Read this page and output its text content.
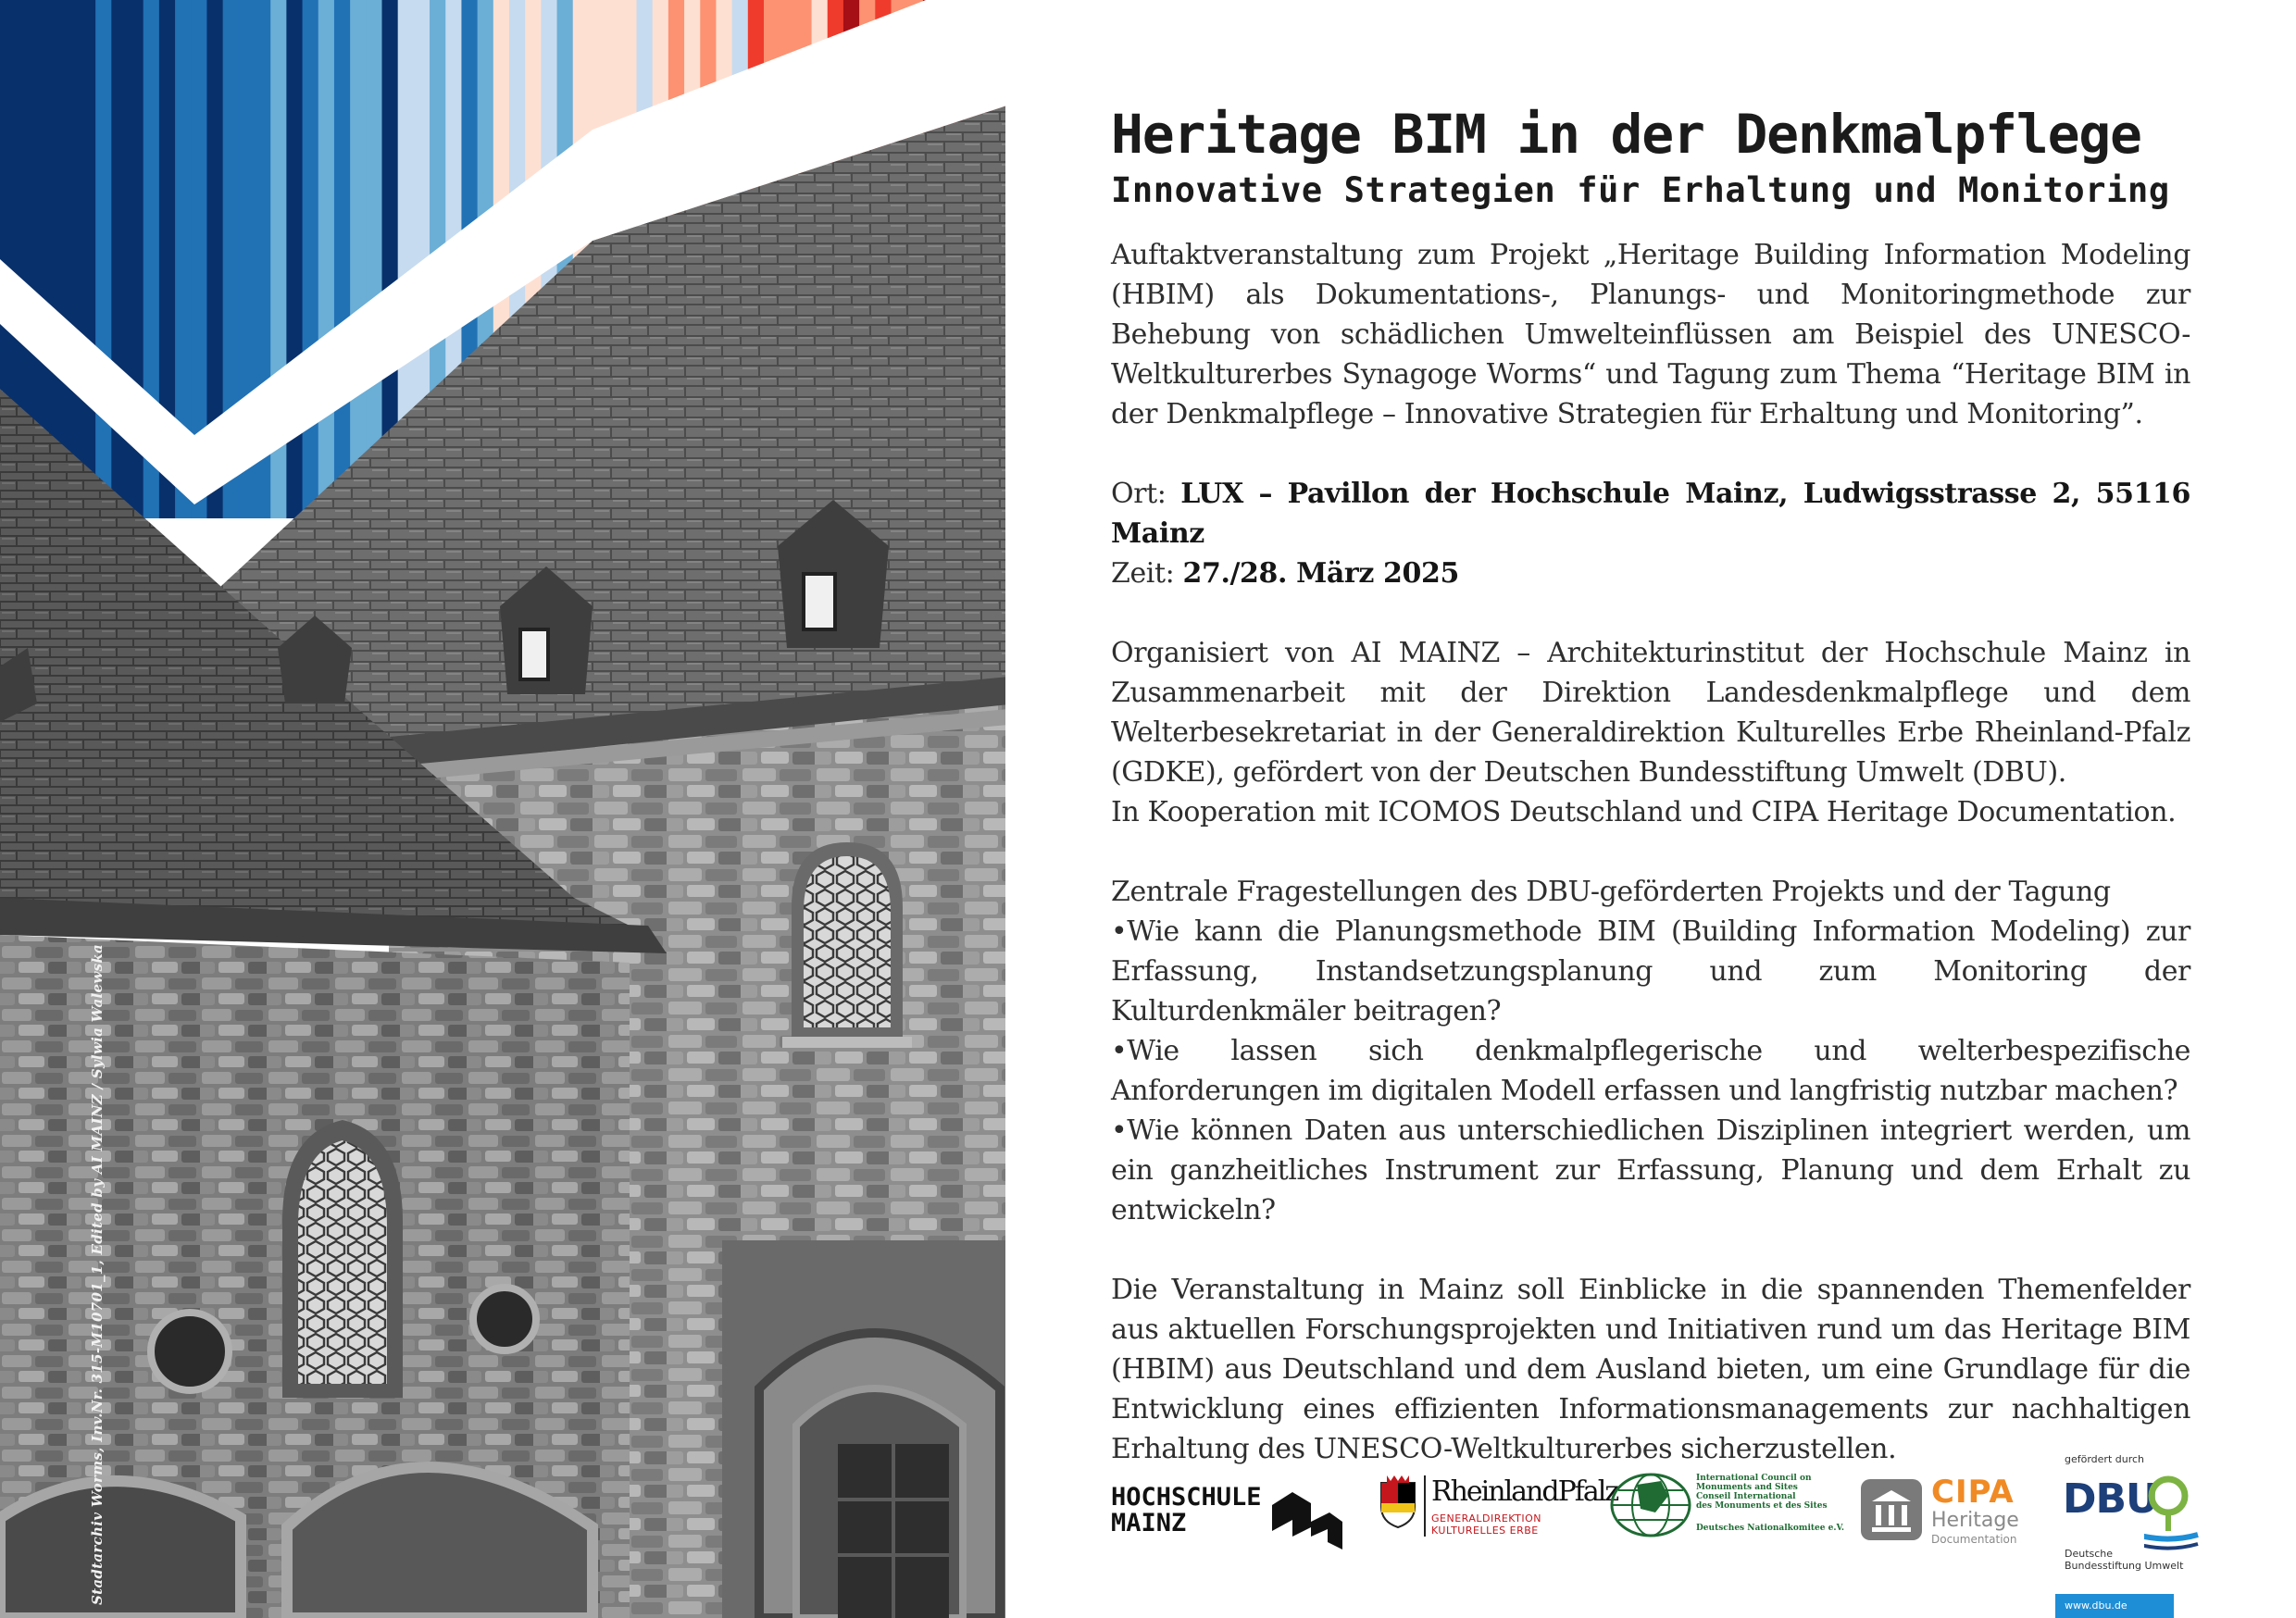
Stadtarchiv Worms, Inv.Nr. 315-M10701_1, Edited by AI MAINZ / Sylwia Walewska
Heritage BIM in der Denkmalpflege
Innovative Strategien für Erhaltung und Monitoring

Auftaktveranstaltung zum Projekt „Heritage Building Information Modeling (HBIM) als Dokumentations-, Planungs- und Monitoringmethode zur Behebung von schädlichen Umwelteinflüssen am Beispiel des UNESCO-Weltkulturerbes Synagoge Worms“ und Tagung zum Thema “Heritage BIM in der Denkmalpflege – Innovative Strategien für Erhaltung und Monitoring”.

Ort: LUX – Pavillon der Hochschule Mainz, Ludwigsstrasse 2, 55116 Mainz

Zeit: 27./28. März 2025

Organisiert von AI MAINZ – Architekturinstitut der Hochschule Mainz in Zusammenarbeit mit der Direktion Landesdenkmalpflege und dem Welterbesekretariat in der Generaldirektion Kulturelles Erbe Rheinland-Pfalz (GDKE), gefördert von der Deutschen Bundesstiftung Umwelt (DBU).

In Kooperation mit ICOMOS Deutschland und CIPA Heritage Documentation.

Zentrale Fragestellungen des DBU-geförderten Projekts und der Tagung

•Wie kann die Planungsmethode BIM (Building Information Modeling) zur Erfassung, Instandsetzungsplanung und zum Monitoring der Kulturdenkmäler beitragen?

•Wie lassen sich denkmalpflegerische und welterbespezifische Anforderungen im digitalen Modell erfassen und langfristig nutzbar machen?

•Wie können Daten aus unterschiedlichen Disziplinen integriert werden, um ein ganzheitliches Instrument zur Erfassung, Planung und dem Erhalt zu entwickeln?

Die Veranstaltung in Mainz soll Einblicke in die spannenden Themenfelder aus aktuellen Forschungsprojekten und Initiativen rund um das Heritage BIM (HBIM) aus Deutschland und dem Ausland bieten, um eine Grundlage für die Entwicklung eines effizienten Informationsmanagements zur nachhaltigen Erhaltung des UNESCO-Weltkulturerbes sicherzustellen.

HOCHSCHULE
MAINZ
RheinlandPfalz
GENERALDIREKTION
KULTURELLES ERBE
International Council on
Monuments and Sites
Conseil International
des Monuments et des Sites
Deutsches Nationalkomitee e.V.
CIPA
Heritage
Documentation
gefördert durch
DBU
Deutsche
Bundesstiftung Umwelt
www.dbu.de
